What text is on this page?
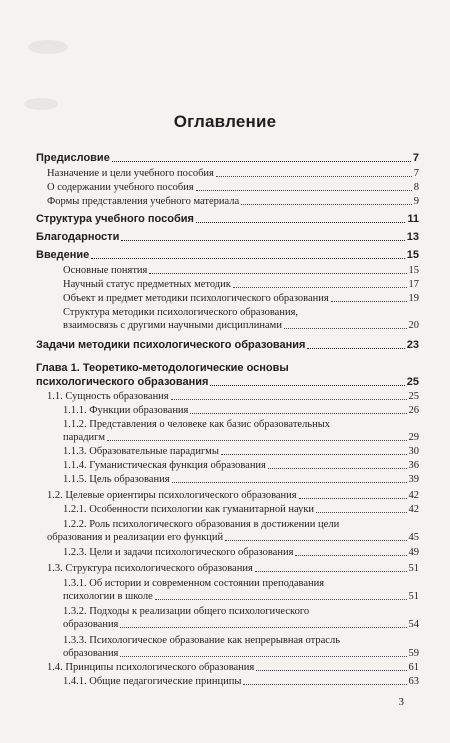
Оглавление
Предисловие	7
Назначение и цели учебного пособия	7
О содержании учебного пособия	8
Формы представления учебного материала	9
Структура учебного пособия	11
Благодарности	13
Введение	15
Основные понятия	15
Научный статус предметных методик	17
Объект и предмет методики психологического образования	19
Структура методики психологического образования,
взаимосвязь с другими научными дисциплинами	20
Задачи методики психологического образования	23
Глава 1. Теоретико-методологические основы
психологического образования	25
1.1. Сущность образования	25
1.1.1. Функции образования	26
1.1.2. Представления о человеке как базис образовательных
парадигм	29
1.1.3. Образовательные парадигмы	30
1.1.4. Гуманистическая функция образования	36
1.1.5. Цель образования	39
1.2. Целевые ориентиры психологического образования	42
1.2.1. Особенности психологии как гуманитарной науки	42
1.2.2. Роль психологического образования в достижении цели
образования и реализации его функций	45
1.2.3. Цели и задачи психологического образования	49
1.3. Структура психологического образования	51
1.3.1. Об истории и современном состоянии преподавания
психологии в школе	51
1.3.2. Подходы к реализации общего психологического
образования	54
1.3.3. Психологическое образование как непрерывная отрасль
образования	59
1.4. Принципы психологического образования	61
1.4.1. Общие педагогические принципы	63
3
